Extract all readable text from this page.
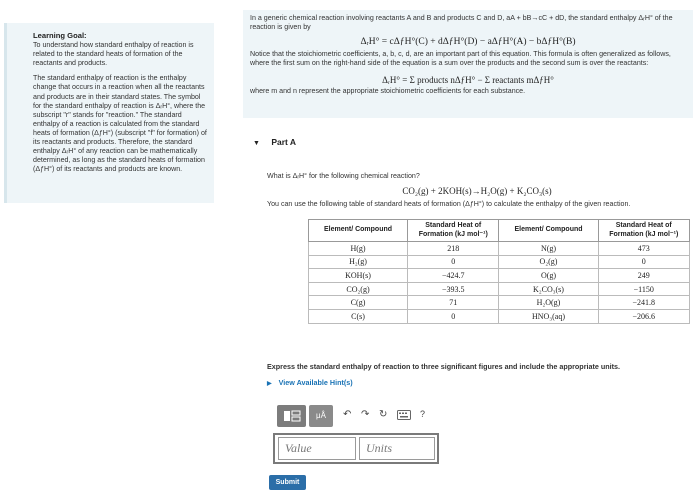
Learning Goal:

To understand how standard enthalpy of reaction is related to the standard heats of formation of the reactants and products.

The standard enthalpy of reaction is the enthalpy change that occurs in a reaction when all the reactants and products are in their standard states. The symbol for the standard enthalpy of reaction is ΔᵣH°, where the subscript "r" stands for "reaction." The standard enthalpy of a reaction is calculated from the standard heats of formation (ΔƒH°) (subscript "f" for formation) of its reactants and products. Therefore, the standard enthalpy ΔᵣH° of any reaction can be mathematically determined, as long as the standard heats of formation (ΔƒH°) of its reactants and products are known.

In a generic chemical reaction involving reactants A and B and products C and D, aA + bB→cC + dD, the standard enthalpy ΔᵣH° of the reaction is given by

ΔᵣH° = cΔƒH°(C) + dΔƒH°(D) − aΔƒH°(A) − bΔƒH°(B)

Notice that the stoichiometric coefficients, a, b, c, d, are an important part of this equation. This formula is often generalized as follows, where the first sum on the right-hand side of the equation is a sum over the products and the second sum is over the reactants:

ΔᵣH° = Σ products nΔƒH° − Σ reactants mΔƒH°

where m and n represent the appropriate stoichiometric coefficients for each substance.

▼ Part A
What is ΔᵣH° for the following chemical reaction?
CO₂(g) + 2KOH(s)→H₂O(g) + K₂CO₃(s)
You can use the following table of standard heats of formation (ΔƒH°) to calculate the enthalpy of the given reaction.
Element/ Compound	Standard Heat of Formation (kJ mol⁻¹)	Element/ Compound	Standard Heat of Formation (kJ mol⁻¹)
H(g)	218	N(g)	473
H₂(g)	0	O₂(g)	0
KOH(s)	−424.7	O(g)	249
CO₂(g)	−393.5	K₂CO₃(s)	−1150
C(g)	71	H₂O(g)	−241.8
C(s)	0	HNO₃(aq)	−206.6
Express the standard enthalpy of reaction to three significant figures and include the appropriate units.
▶ View Available Hint(s)
μÅ	↶ ↷ ↻	?
Value	Units
Submit
